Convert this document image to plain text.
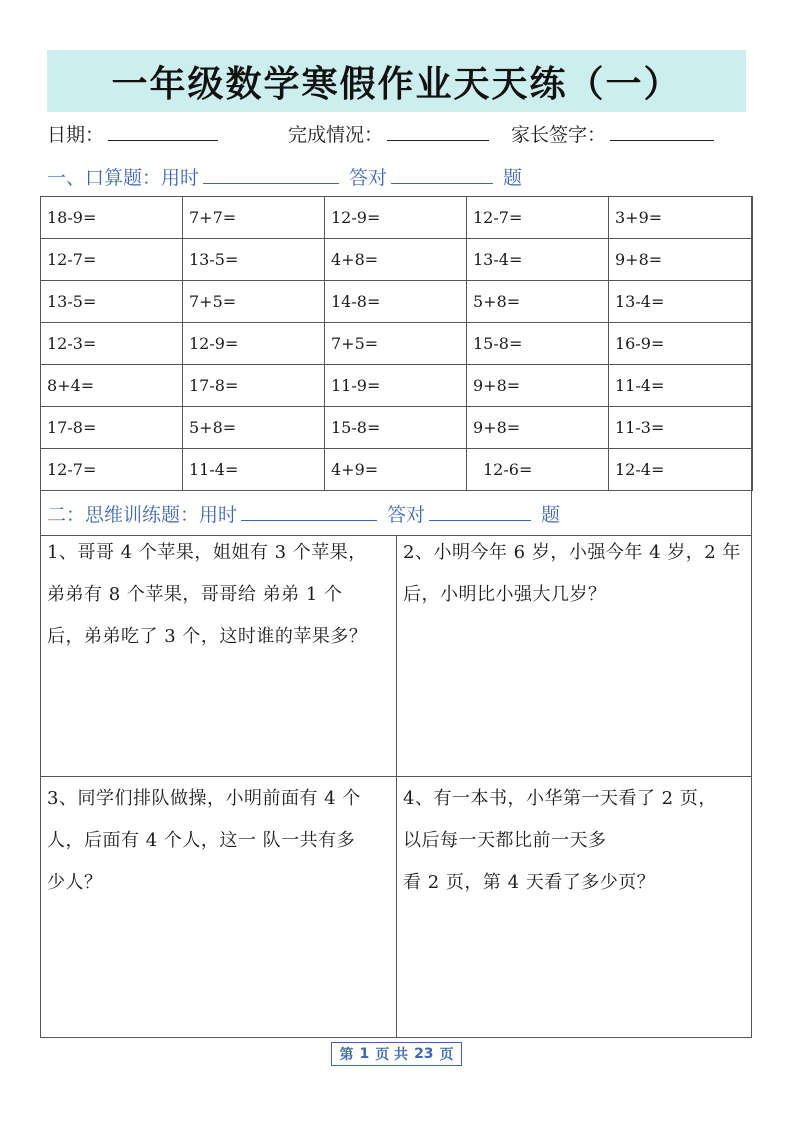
一年级数学寒假作业天天练（一）
日期：	完成情况：	家长签字：
一、口算题：用时	答对	题
18-9=	7+7=	12-9=	12-7=	3+9=
12-7=	13-5=	4+8=	13-4=	9+8=
13-5=	7+5=	14-8=	5+8=	13-4=
12-3=	12-9=	7+5=	15-8=	16-9=
8+4=	17-8=	11-9=	9+8=	11-4=
17-8=	5+8=	15-8=	9+8=	11-3=
12-7=	11-4=	4+9=	12-6=	12-4=
二：思维训练题：用时	答对	题
1、哥哥 4 个苹果，姐姐有 3 个苹果，
弟弟有 8 个苹果，哥哥给 弟弟 1 个
后，弟弟吃了 3 个，这时谁的苹果多？
2、小明今年 6 岁，小强今年 4 岁，2 年
后，小明比小强大几岁？
3、同学们排队做操，小明前面有 4 个
人，后面有 4 个人，这一 队一共有多
少人？
4、有一本书，小华第一天看了 2 页，
以后每一天都比前一天多
看 2 页，第 4 天看了多少页？
第 1 页 共 23 页
